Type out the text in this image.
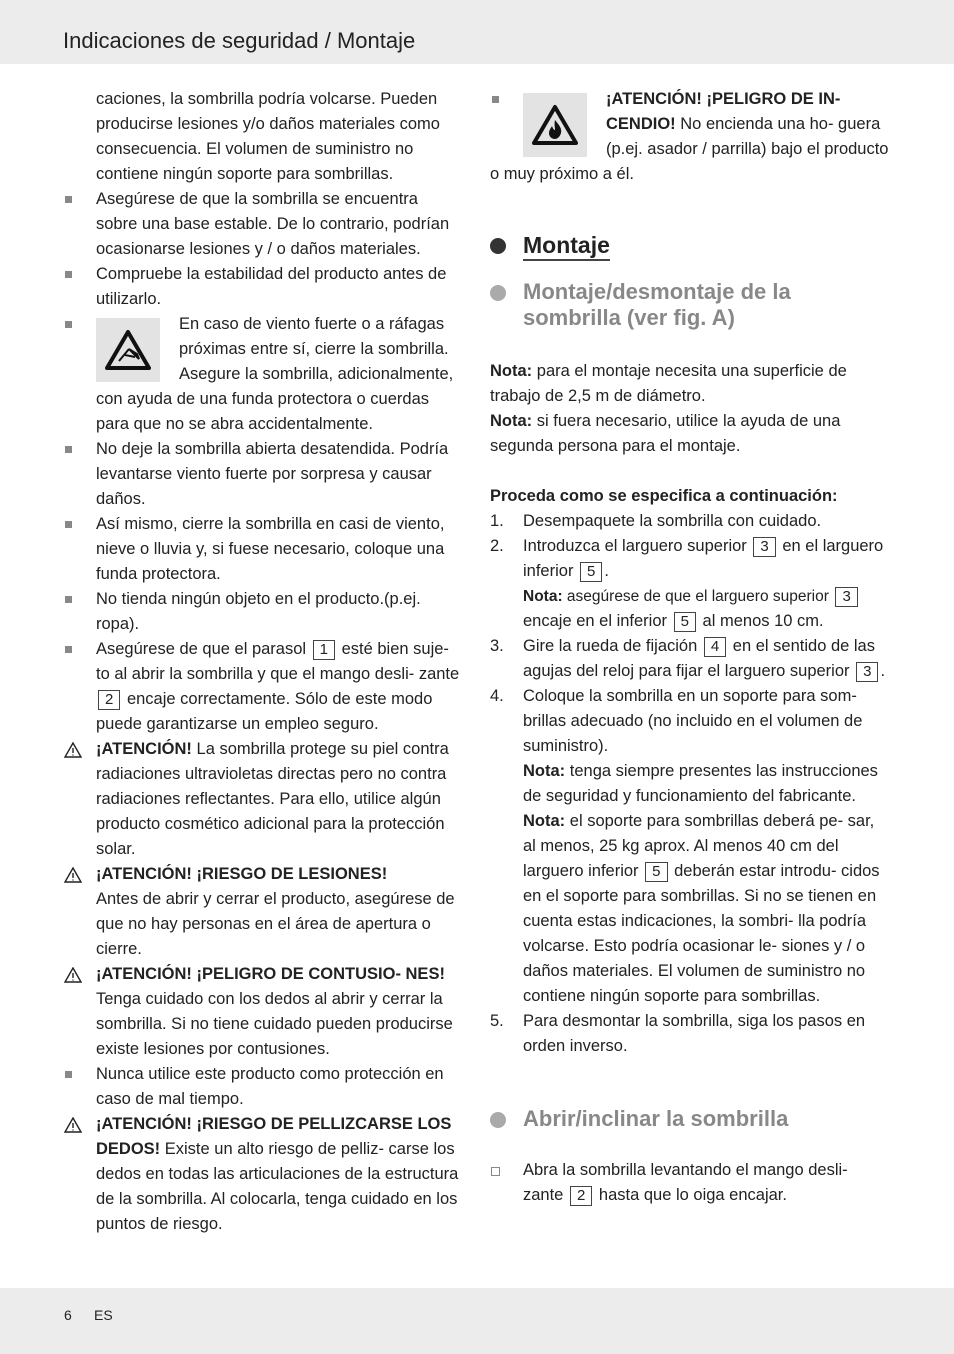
Indicaciones de seguridad / Montaje

caciones, la sombrilla podría volcarse. Pueden producirse lesiones y/o daños materiales como consecuencia. El volumen de suministro no contiene ningún soporte para sombrillas.

Asegúrese de que la sombrilla se encuentra sobre una base estable. De lo contrario, podrían ocasionarse lesiones y / o daños materiales.
Compruebe la estabilidad del producto antes de utilizarlo.
En caso de viento fuerte o a ráfagas próximas entre sí, cierre la sombrilla. Asegure la sombrilla, adicionalmente, con ayuda de una funda protectora o cuerdas para que no se abra accidentalmente.
No deje la sombrilla abierta desatendida. Podría levantarse viento fuerte por sorpresa y causar daños.
Así mismo, cierre la sombrilla en casi de viento, nieve o lluvia y, si fuese necesario, coloque una funda protectora.
No tienda ningún objeto en el producto.(p.ej. ropa).
Asegúrese de que el parasol 1 esté bien suje- to al abrir la sombrilla y que el mango desli- zante 2 encaje correctamente. Sólo de este modo puede garantizarse un empleo seguro.
¡ATENCIÓN! La sombrilla protege su piel contra radiaciones ultravioletas directas pero no contra radiaciones reflectantes. Para ello, utilice algún producto cosmético adicional para la protección solar.
¡ATENCIÓN! ¡RIESGO DE LESIONES!
Antes de abrir y cerrar el producto, asegúrese de que no hay personas en el área de apertura o cierre.
¡ATENCIÓN! ¡PELIGRO DE CONTUSIO- NES! Tenga cuidado con los dedos al abrir y cerrar la sombrilla. Si no tiene cuidado pueden producirse existe lesiones por contusiones.
Nunca utilice este producto como protección en caso de mal tiempo.
¡ATENCIÓN! ¡RIESGO DE PELLIZCARSE LOS DEDOS! Existe un alto riesgo de pelliz- carse los dedos en todas las articulaciones de la estructura de la sombrilla. Al colocarla, tenga cuidado en los puntos de riesgo.
¡ATENCIÓN! ¡PELIGRO DE IN- CENDIO! No encienda una ho- guera (p.ej. asador / parrilla) bajo el producto o muy próximo a él.
Montaje
Montaje/desmontaje de la sombrilla (ver fig. A)

Nota: para el montaje necesita una superficie de trabajo de 2,5 m de diámetro.

Nota: si fuera necesario, utilice la ayuda de una segunda persona para el montaje.

Proceda como se especifica a continuación:

1. Desempaquete la sombrilla con cuidado.
2. Introduzca el larguero superior 3 en el larguero inferior 5 .
Nota: asegúrese de que el larguero superior 3 encaje en el inferior 5 al menos 10 cm.
3. Gire la rueda de fijación 4 en el sentido de las agujas del reloj para fijar el larguero superior 3 .
4. Coloque la sombrilla en un soporte para som- brillas adecuado (no incluido en el volumen de suministro).
Nota: tenga siempre presentes las instrucciones de seguridad y funcionamiento del fabricante.
Nota: el soporte para sombrillas deberá pe- sar, al menos, 25 kg aprox. Al menos 40 cm del larguero inferior 5 deberán estar introdu- cidos en el soporte para sombrillas. Si no se tienen en cuenta estas indicaciones, la sombri- lla podría volcarse. Esto podría ocasionar le- siones y / o daños materiales. El volumen de suministro no contiene ningún soporte para sombrillas.
5. Para desmontar la sombrilla, siga los pasos en orden inverso.
Abrir/inclinar la sombrilla
Abra la sombrilla levantando el mango desli- zante 2 hasta que lo oiga encajar.
6 ES
